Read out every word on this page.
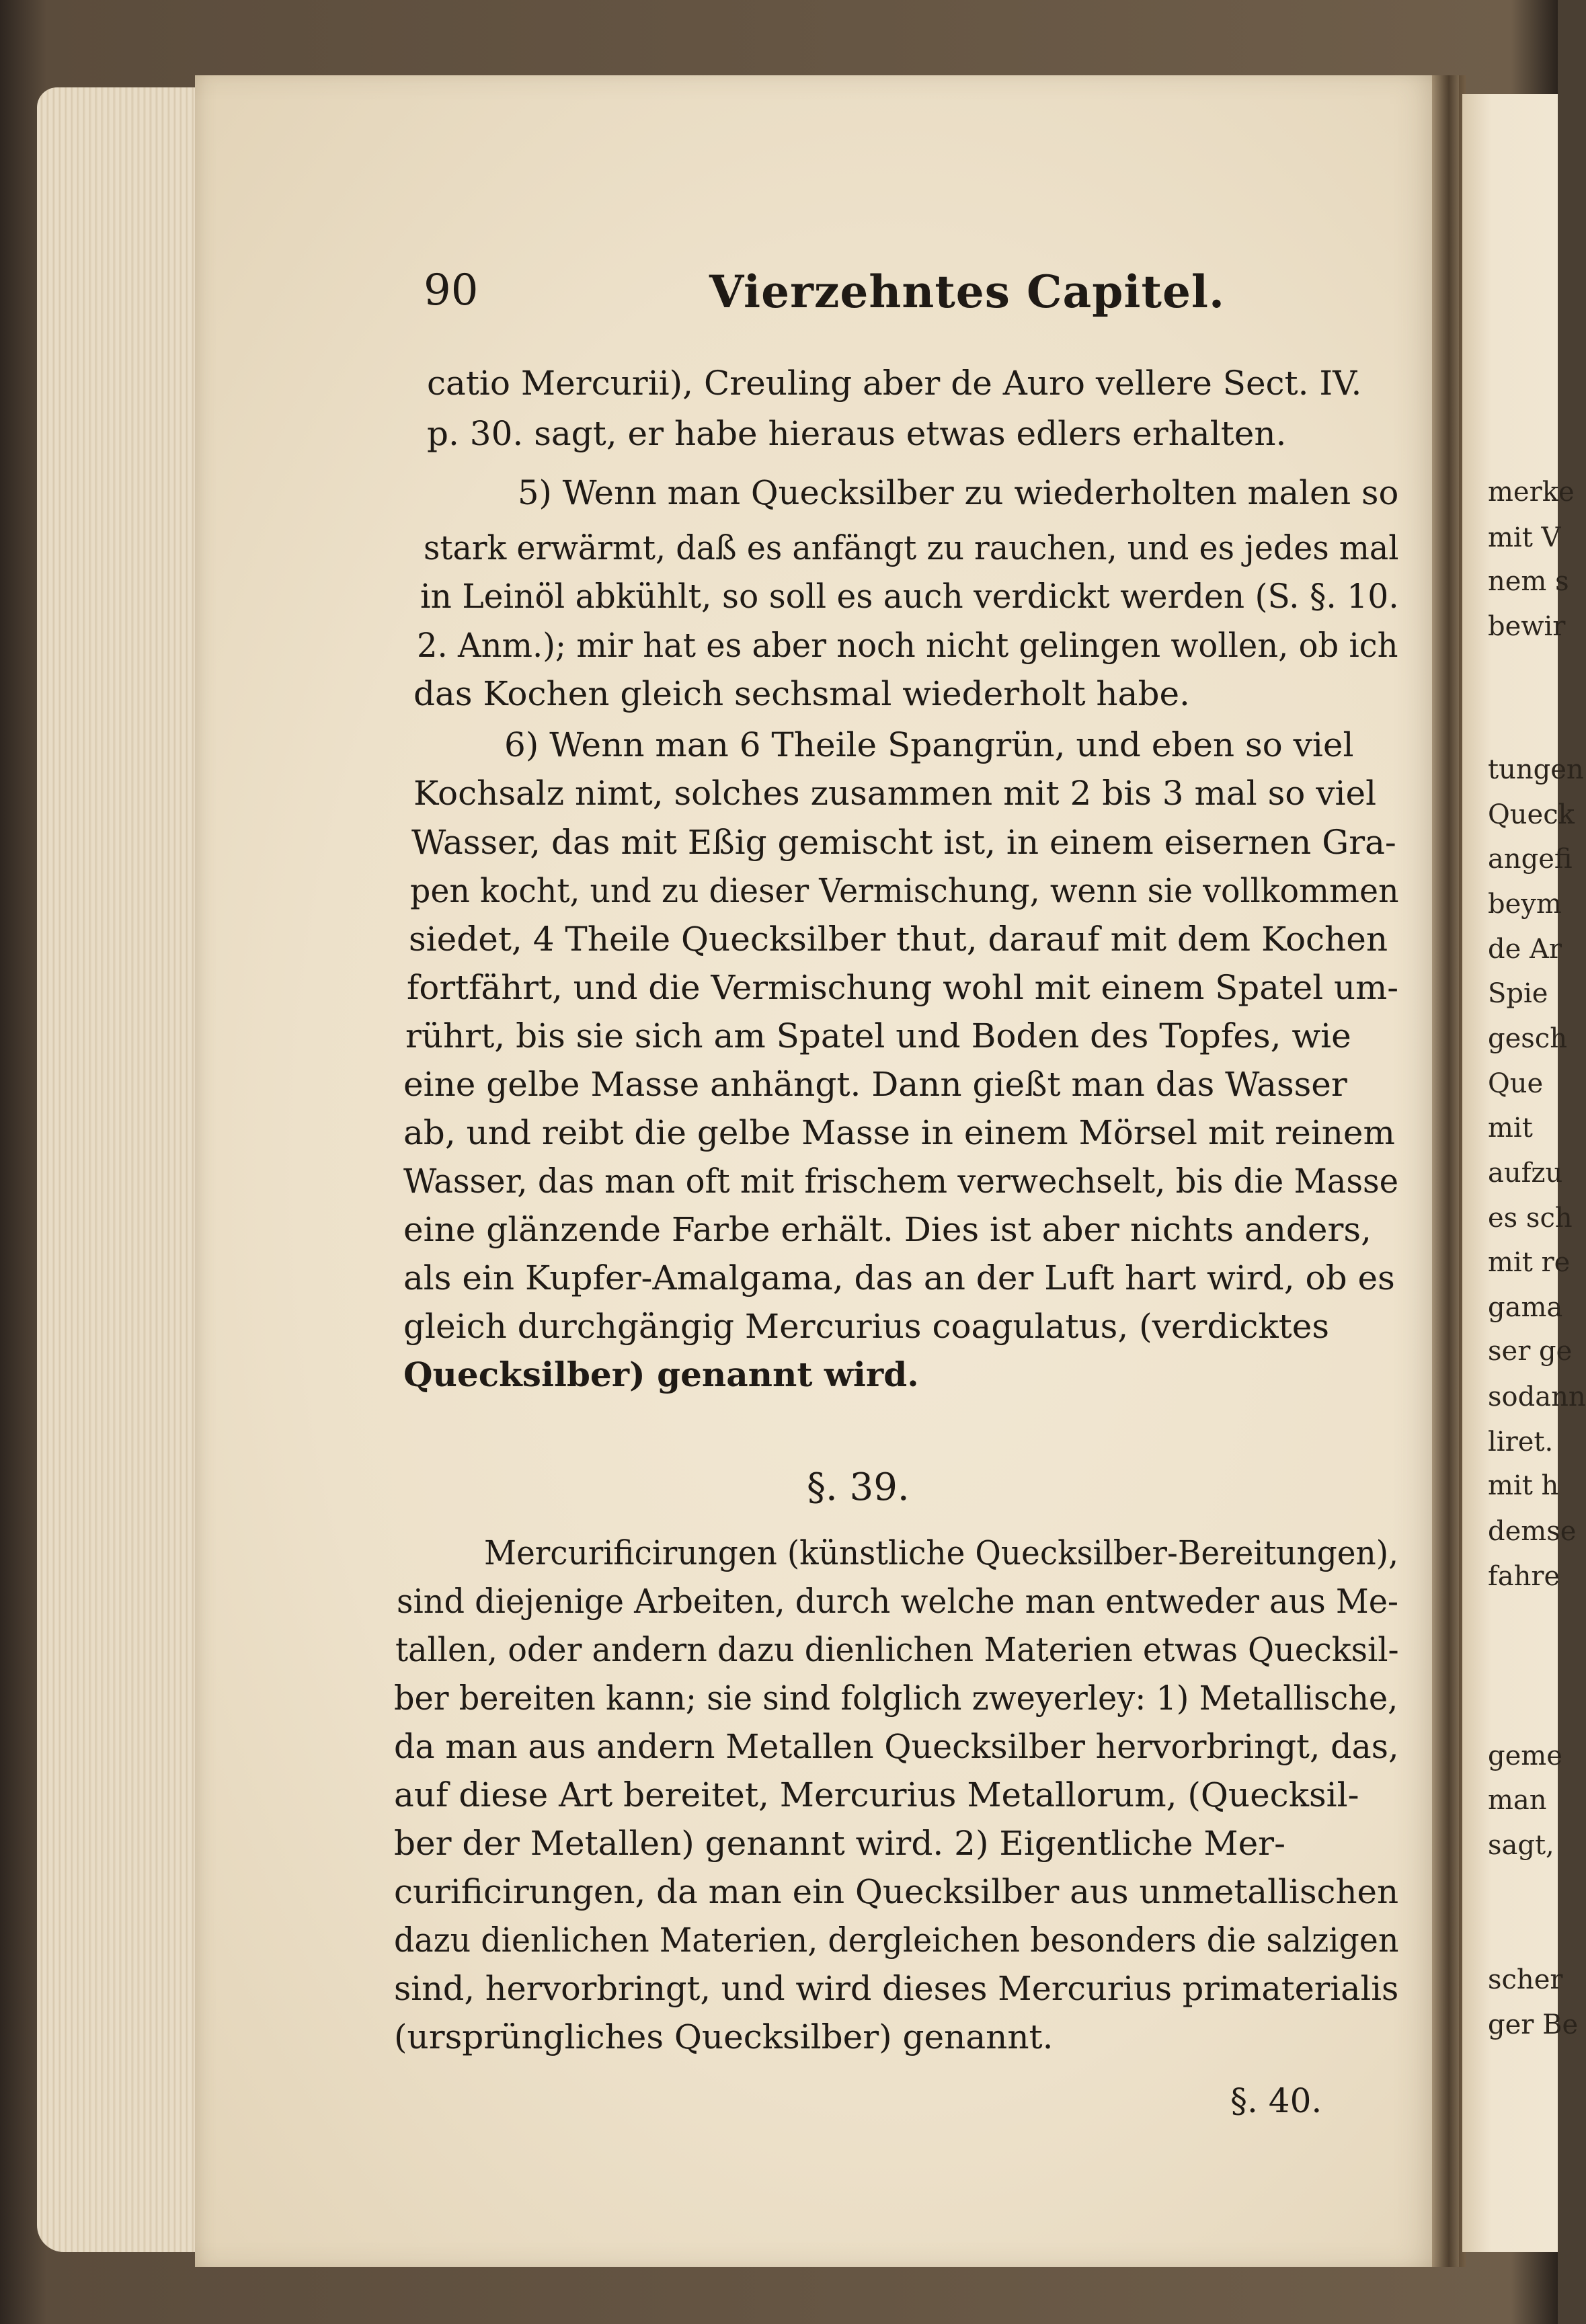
merke
mit V
nem s
bewir
tungen
Queck
angefi
beym
de Ar
Spie
gesch
Que
mit
aufzu
es sch
mit re
gama
ser ge
sodann
liret.
mit h
demse
fahre
geme
man
sagt,
scher
ger Be
90	Vierzehntes Capitel.
catio Mercurii), Creuling aber de Auro vellere Sect. IV.
p. 30. sagt, er habe hieraus etwas edlers erhalten.
5) Wenn man Quecksilber zu wiederholten malen so
stark erwärmt, daß es anfängt zu rauchen, und es jedes mal
in Leinöl abkühlt, so soll es auch verdickt werden (S. §. 10.
2. Anm.); mir hat es aber noch nicht gelingen wollen, ob ich
das Kochen gleich sechsmal wiederholt habe.
6) Wenn man 6 Theile Spangrün, und eben so viel
Kochsalz nimt, solches zusammen mit 2 bis 3 mal so viel
Wasser, das mit Eßig gemischt ist, in einem eisernen Gra-
pen kocht, und zu dieser Vermischung, wenn sie vollkommen
siedet, 4 Theile Quecksilber thut, darauf mit dem Kochen
fortfährt, und die Vermischung wohl mit einem Spatel um-
rührt, bis sie sich am Spatel und Boden des Topfes, wie
eine gelbe Masse anhängt. Dann gießt man das Wasser
ab, und reibt die gelbe Masse in einem Mörsel mit reinem
Wasser, das man oft mit frischem verwechselt, bis die Masse
eine glänzende Farbe erhält. Dies ist aber nichts anders,
als ein Kupfer-Amalgama, das an der Luft hart wird, ob es
gleich durchgängig Mercurius coagulatus, (verdicktes
Quecksilber) genannt wird.
§. 39.
Mercurificirungen (künstliche Quecksilber-Bereitungen),
sind diejenige Arbeiten, durch welche man entweder aus Me-
tallen, oder andern dazu dienlichen Materien etwas Quecksil-
ber bereiten kann; sie sind folglich zweyerley: 1) Metallische,
da man aus andern Metallen Quecksilber hervorbringt, das,
auf diese Art bereitet, Mercurius Metallorum, (Quecksil-
ber der Metallen) genannt wird. 2) Eigentliche Mer-
curificirungen, da man ein Quecksilber aus unmetallischen
dazu dienlichen Materien, dergleichen besonders die salzigen
sind, hervorbringt, und wird dieses Mercurius primaterialis
(ursprüngliches Quecksilber) genannt.
§. 40.
